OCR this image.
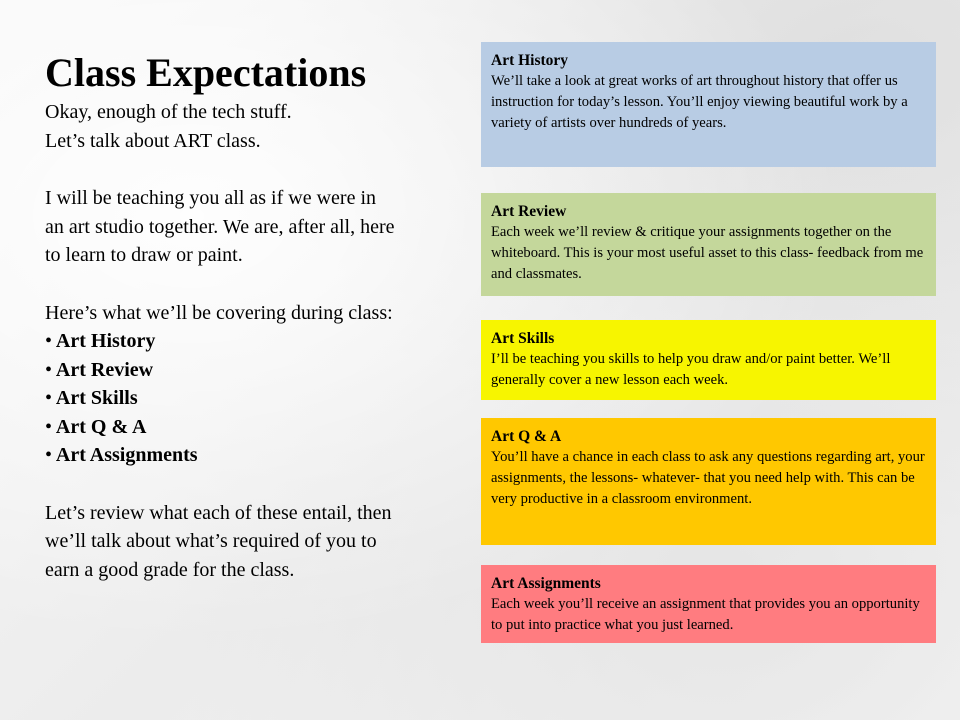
Class Expectations

Okay, enough of the tech stuff.

Let’s talk about ART class.

I will be teaching you all as if we were in

an art studio together. We are, after all, here

to learn to draw or paint.

Here’s what we’ll be covering during class:

• Art History
• Art Review
• Art Skills
• Art Q & A
• Art Assignments

Let’s review what each of these entail, then

we’ll talk about what’s required of you to

earn a good grade for the class.

Art History

We’ll take a look at great works of art throughout history that offer us instruction for today’s lesson. You’ll enjoy viewing beautiful work by a variety of artists over hundreds of years.

Art Review

Each week we’ll review & critique your assignments together on the whiteboard. This is your most useful asset to this class- feedback from me and classmates.

Art Skills

I’ll be teaching you skills to help you draw and/or paint better. We’ll generally cover a new lesson each week.

Art Q & A

You’ll have a chance in each class to ask any questions regarding art, your assignments, the lessons- whatever- that you need help with. This can be very productive in a classroom environment.

Art Assignments

Each week you’ll receive an assignment that provides you an opportunity to put into practice what you just learned.
